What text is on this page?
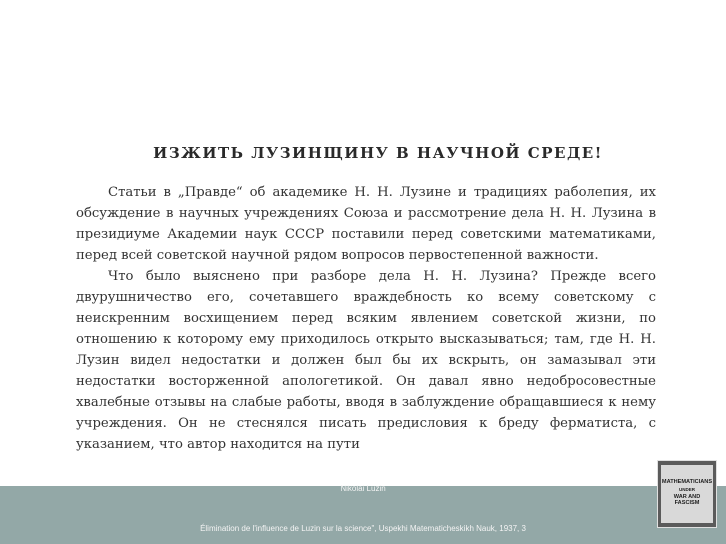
ИЗЖИТЬ ЛУЗИНЩИНУ В НАУЧНОЙ СРЕДЕ!

Статьи в „Правде“ об академике Н. Н. Лузине и традициях раболепия, их обсуждение в научных учреждениях Союза и рассмотрение дела Н. Н. Лузина в президиуме Академии наук СССР поставили перед советскими математиками, перед всей советской научной рядом вопросов первостепенной важности.

Что было выяснено при разборе дела Н. Н. Лузина? Прежде всего двурушничество его, сочетавшего враждебность ко всему советскому с неискренним восхищением перед всяким явлением советской жизни, по отношению к которому ему приходилось открыто высказываться; там, где Н. Н. Лузин видел недостатки и должен был бы их вскрыть, он замазывал эти недостатки восторженной апологетикой. Он давал явно недобросовестные хвалебные отзывы на слабые работы, вводя в заблуждение обращавшиеся к нему учреждения. Он не стеснялся писать предисловия к бреду ферматиста, с указанием, что автор находится на пути

Nikolai Luzin
Élimination de l'influence de Luzin sur la science", Uspekhi Matematicheskikh Nauk, 1937, 3
MATHEMATICIANS
UNDER
WAR AND FASCISM
